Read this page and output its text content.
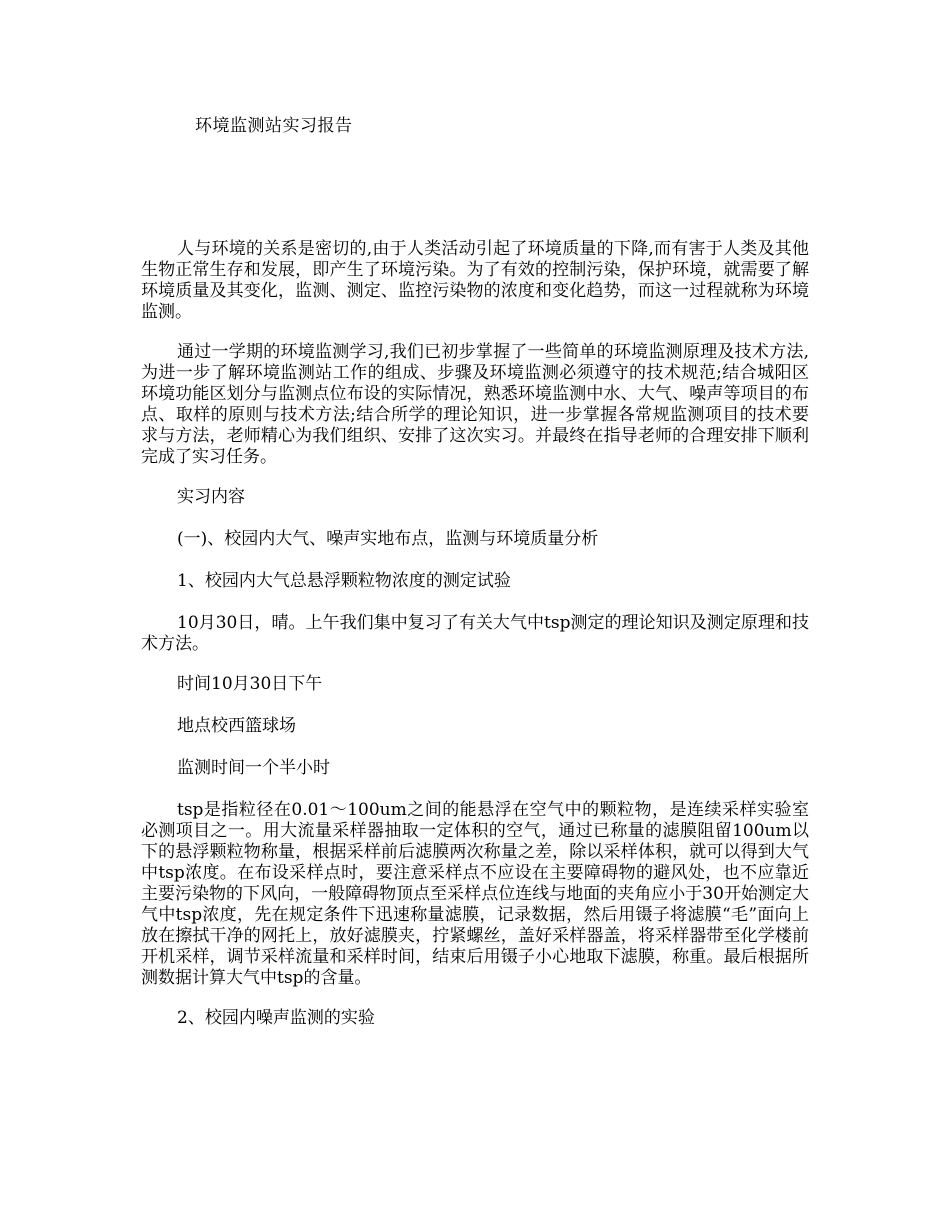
环境监测站实习报告

人与环境的关系是密切的,由于人类活动引起了环境质量的下降,而有害于人类及其他生物正常生存和发展，即产生了环境污染。为了有效的控制污染，保护环境，就需要了解环境质量及其变化，监测、测定、监控污染物的浓度和变化趋势，而这一过程就称为环境监测。

通过一学期的环境监测学习,我们已初步掌握了一些简单的环境监测原理及技术方法,为进一步了解环境监测站工作的组成、步骤及环境监测必须遵守的技术规范;结合城阳区环境功能区划分与监测点位布设的实际情况，熟悉环境监测中水、大气、噪声等项目的布点、取样的原则与技术方法;结合所学的理论知识，进一步掌握各常规监测项目的技术要求与方法，老师精心为我们组织、安排了这次实习。并最终在指导老师的合理安排下顺利完成了实习任务。

实习内容

(一)、校园内大气、噪声实地布点，监测与环境质量分析

1、校园内大气总悬浮颗粒物浓度的测定试验

10月30日，晴。上午我们集中复习了有关大气中tsp测定的理论知识及测定原理和技术方法。

时间10月30日下午

地点校西篮球场

监测时间一个半小时

tsp是指粒径在0.01～100um之间的能悬浮在空气中的颗粒物，是连续采样实验室必测项目之一。用大流量采样器抽取一定体积的空气，通过已称量的滤膜阻留100um以下的悬浮颗粒物称量，根据采样前后滤膜两次称量之差，除以采样体积，就可以得到大气中tsp浓度。在布设采样点时，要注意采样点不应设在主要障碍物的避风处，也不应靠近主要污染物的下风向，一般障碍物顶点至采样点位连线与地面的夹角应小于30开始测定大气中tsp浓度，先在规定条件下迅速称量滤膜，记录数据，然后用镊子将滤膜“毛”面向上放在擦拭干净的网托上，放好滤膜夹，拧紧螺丝，盖好采样器盖，将采样器带至化学楼前开机采样，调节采样流量和采样时间，结束后用镊子小心地取下滤膜，称重。最后根据所测数据计算大气中tsp的含量。

2、校园内噪声监测的实验
